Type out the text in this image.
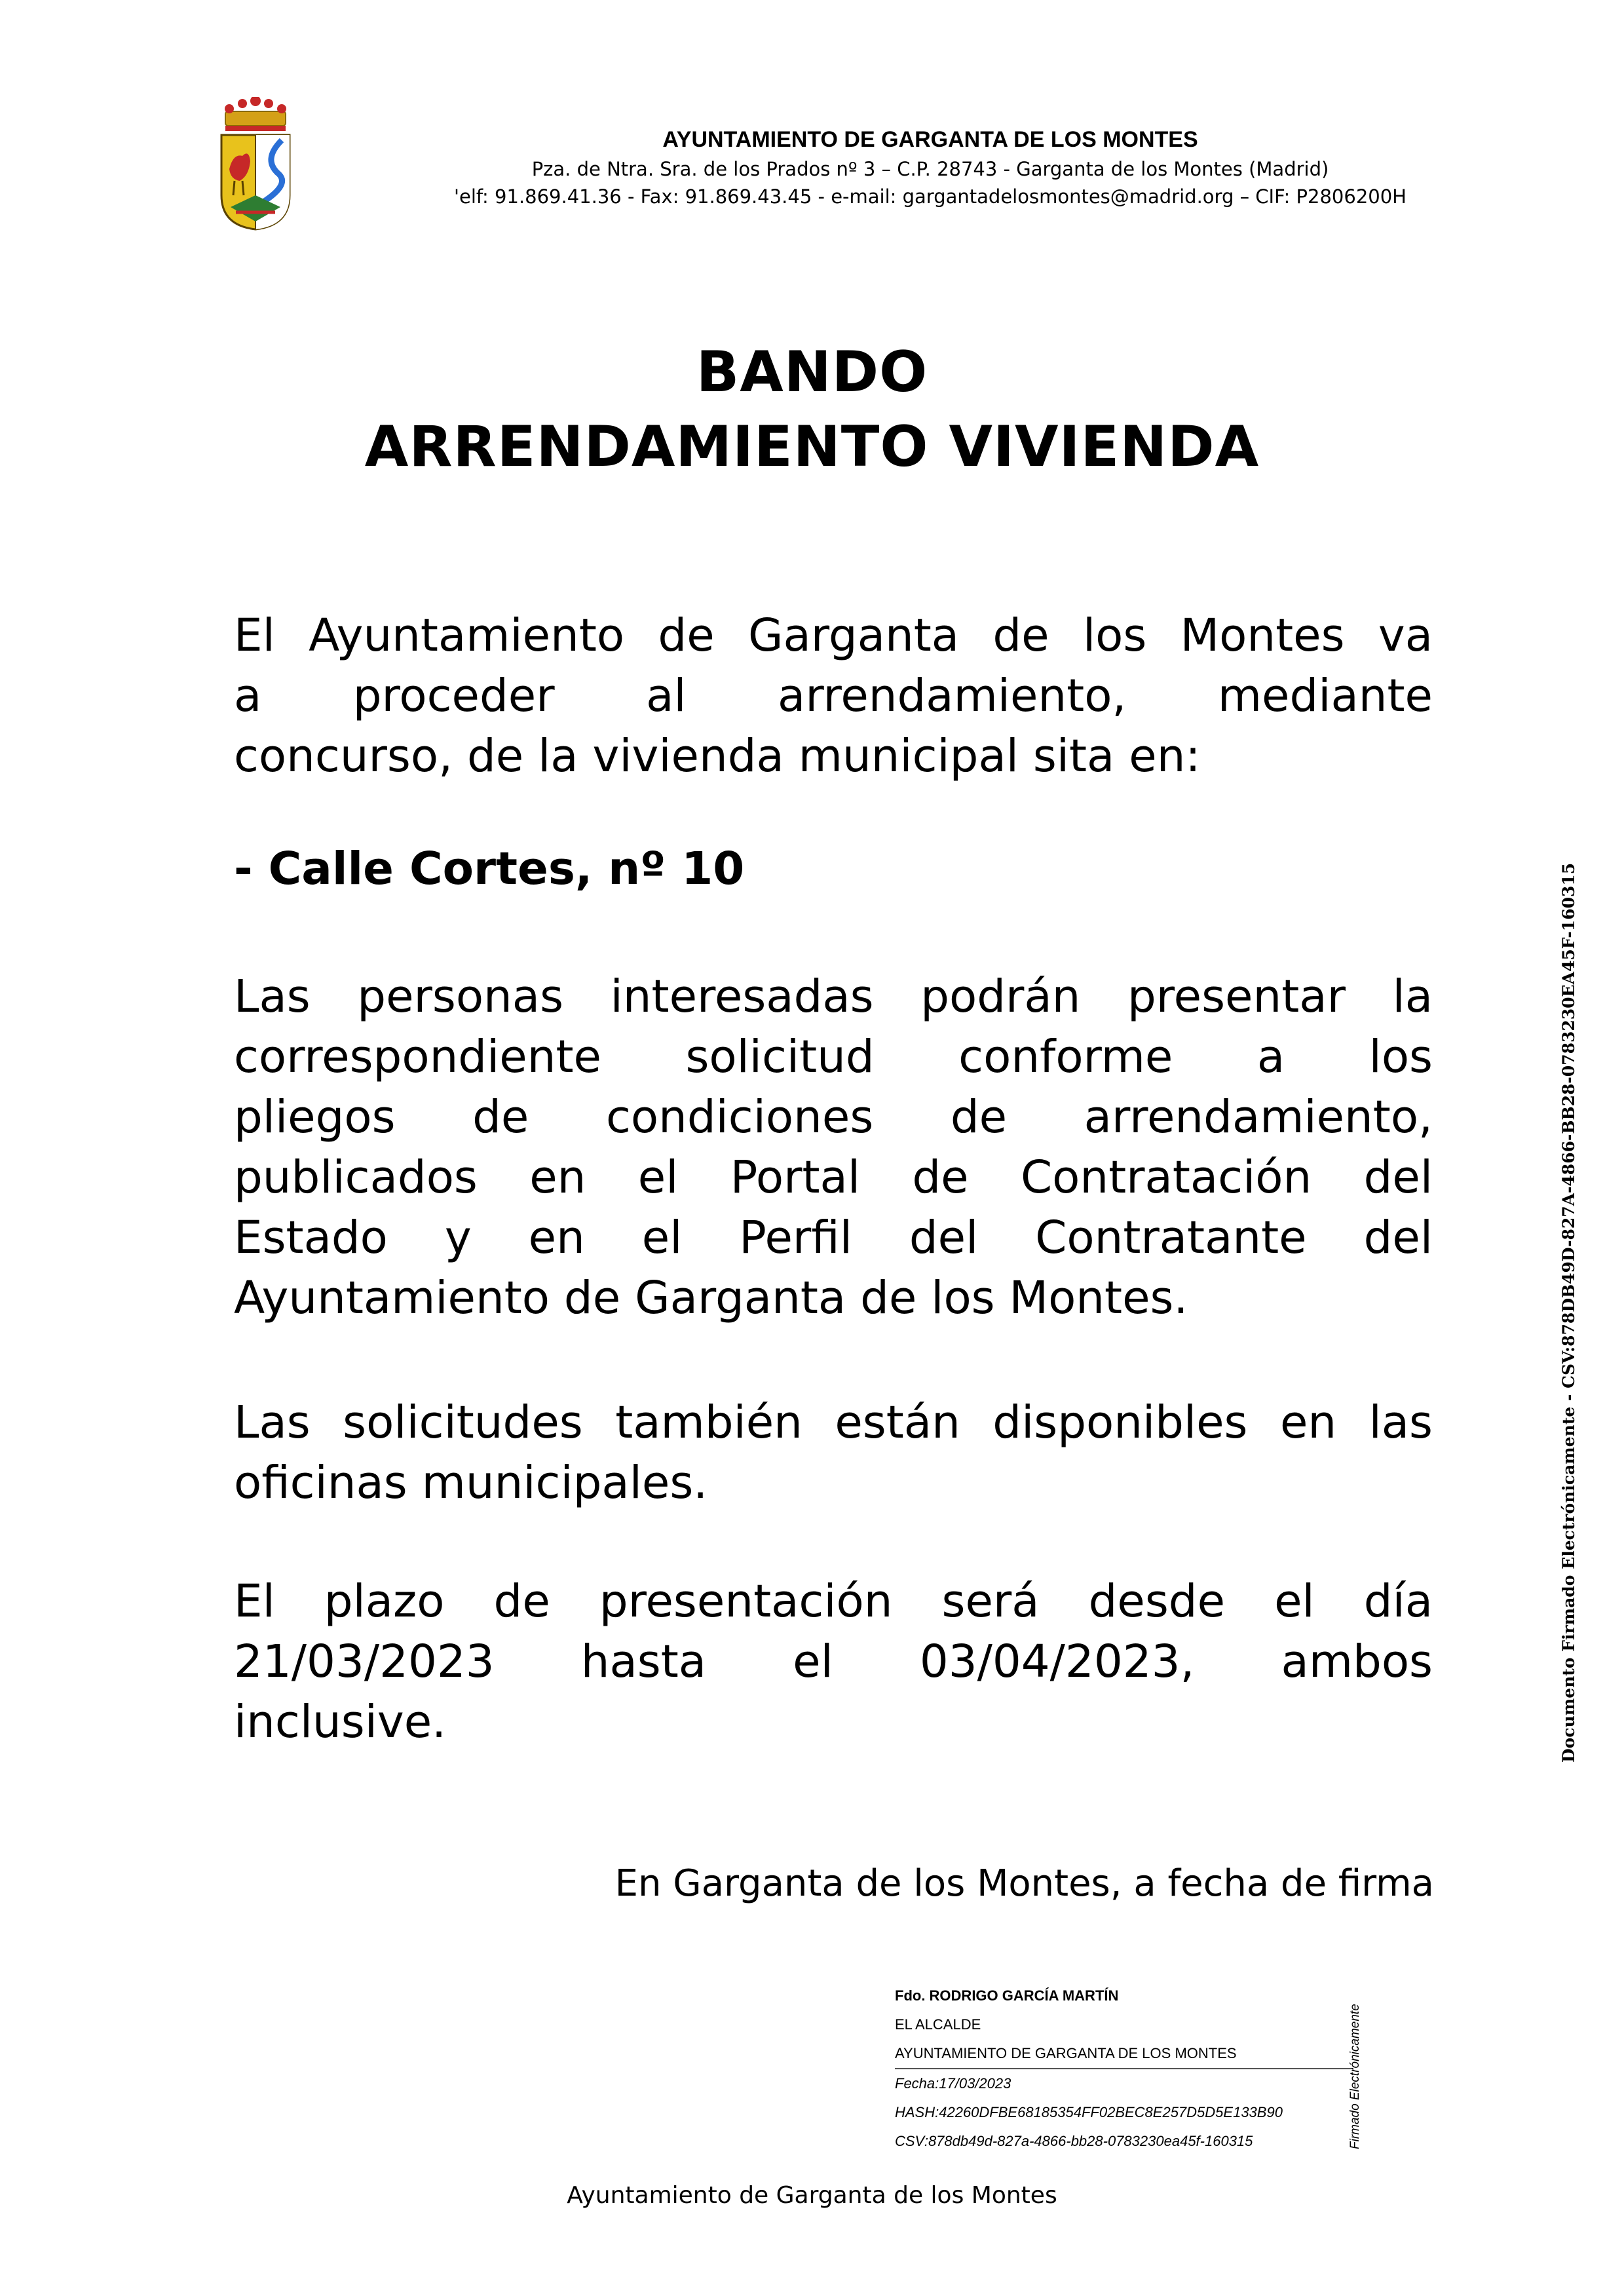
AYUNTAMIENTO DE GARGANTA DE LOS MONTES
Pza. de Ntra. Sra. de los Prados nº 3 – C.P. 28743 - Garganta de los Montes (Madrid)
'elf: 91.869.41.36 - Fax: 91.869.43.45 - e-mail: gargantadelosmontes@madrid.org – CIF: P2806200H
BANDO
ARRENDAMIENTO VIVIENDA
El Ayuntamiento de Garganta de los Montes va
a proceder al arrendamiento, mediante
concurso, de la vivienda municipal sita en:
- Calle Cortes, nº 10
Las personas interesadas podrán presentar la
correspondiente solicitud conforme a los
pliegos de condiciones de arrendamiento,
publicados en el Portal de Contratación del
Estado y en el Perfil del Contratante del
Ayuntamiento de Garganta de los Montes.
Las solicitudes también están disponibles en las
oficinas municipales.
El plazo de presentación será desde el día
21/03/2023 hasta el 03/04/2023, ambos
inclusive.
En Garganta de los Montes, a fecha de firma
Fdo. RODRIGO GARCÍA MARTÍN
EL ALCALDE
AYUNTAMIENTO DE GARGANTA DE LOS MONTES
Fecha:17/03/2023
HASH:42260DFBE68185354FF02BEC8E257D5D5E133B90
CSV:878db49d-827a-4866-bb28-0783230ea45f-160315	Firmado Electrónicamente
Documento Firmado Electrónicamente - CSV:878DB49D-827A-4866-BB28-0783230EA45F-160315
Ayuntamiento de Garganta de los Montes
